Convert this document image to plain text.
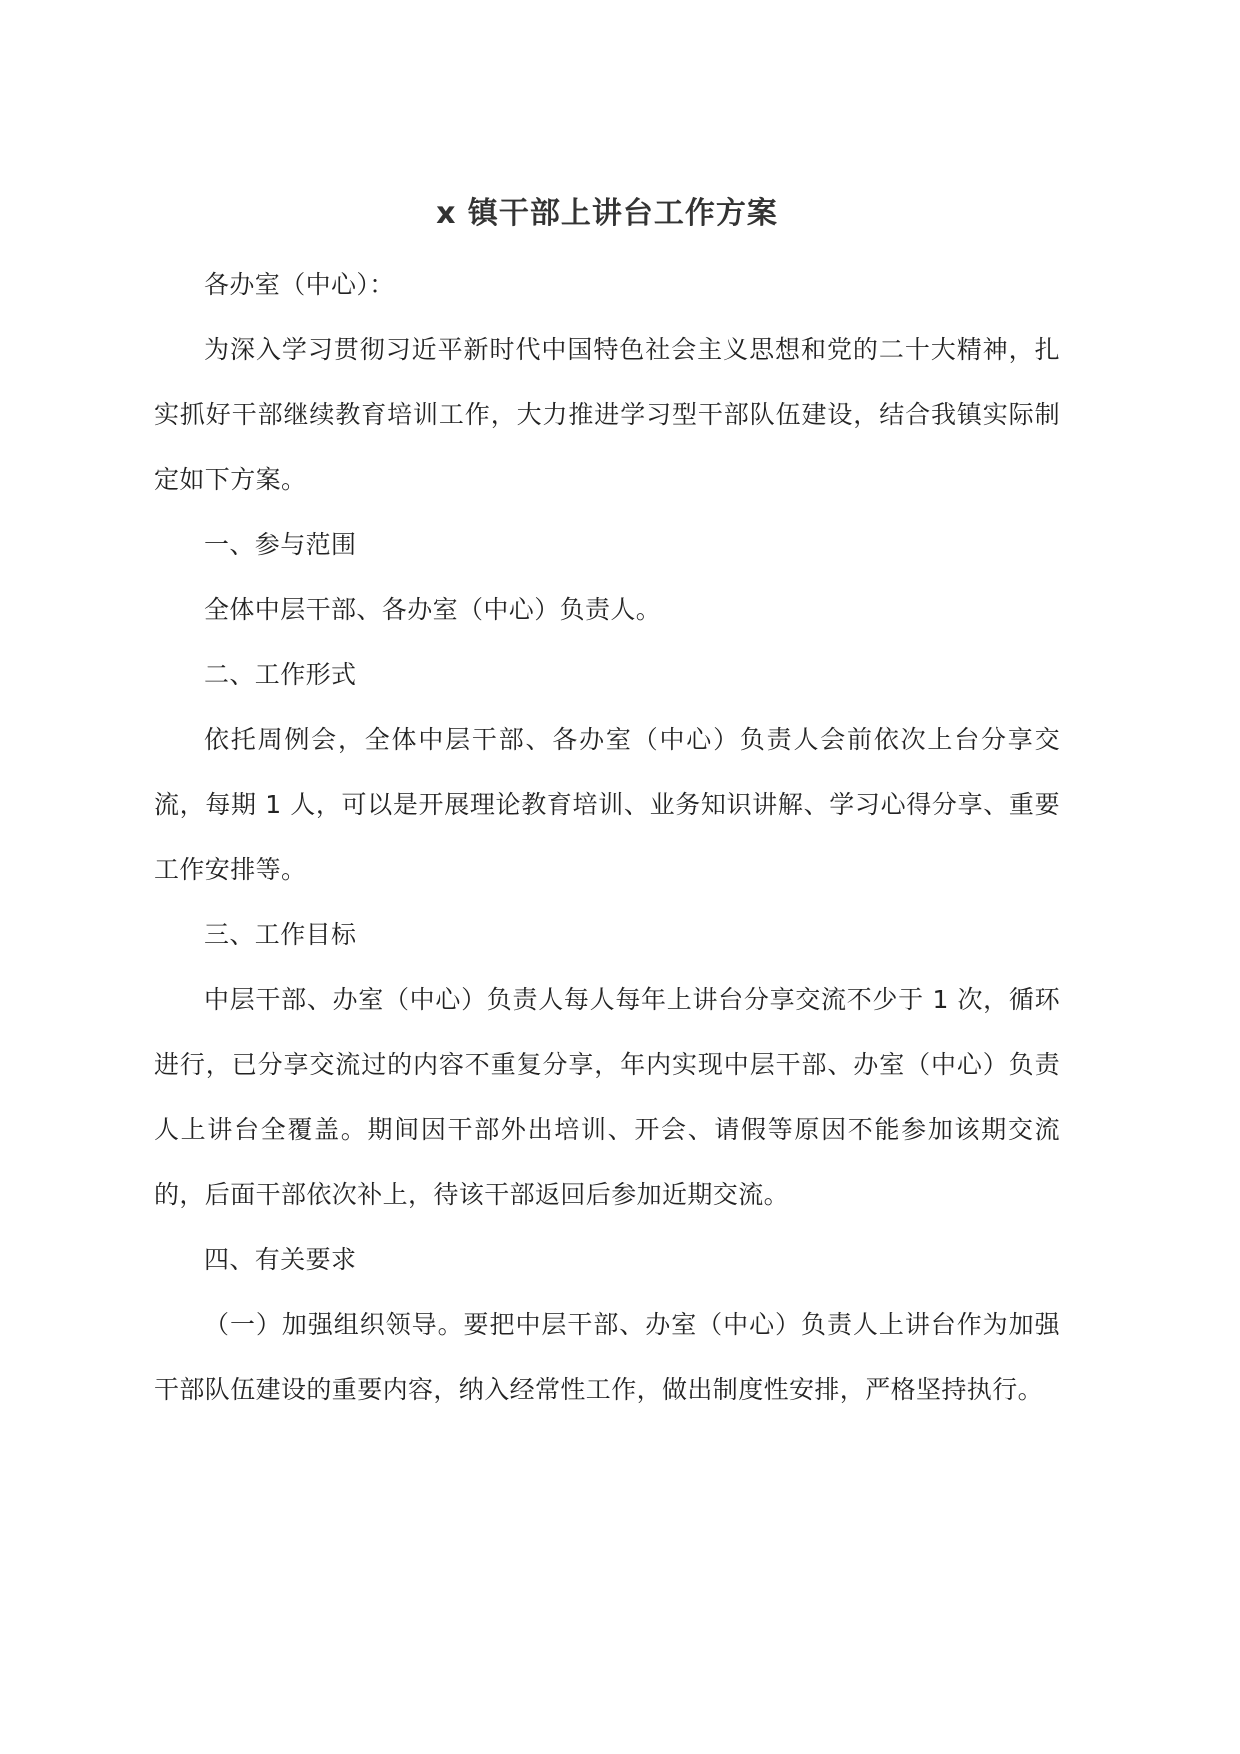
x 镇干部上讲台工作方案

各办室（中心）：

为深入学习贯彻习近平新时代中国特色社会主义思想和党的二十大精神，扎实抓好干部继续教育培训工作，大力推进学习型干部队伍建设，结合我镇实际制定如下方案。

一、参与范围

全体中层干部、各办室（中心）负责人。

二、工作形式

依托周例会，全体中层干部、各办室（中心）负责人会前依次上台分享交流，每期 1 人，可以是开展理论教育培训、业务知识讲解、学习心得分享、重要工作安排等。

三、工作目标

中层干部、办室（中心）负责人每人每年上讲台分享交流不少于 1 次，循环进行，已分享交流过的内容不重复分享，年内实现中层干部、办室（中心）负责人上讲台全覆盖。期间因干部外出培训、开会、请假等原因不能参加该期交流的，后面干部依次补上，待该干部返回后参加近期交流。

四、有关要求

（一）加强组织领导。要把中层干部、办室（中心）负责人上讲台作为加强干部队伍建设的重要内容，纳入经常性工作，做出制度性安排，严格坚持执行。
